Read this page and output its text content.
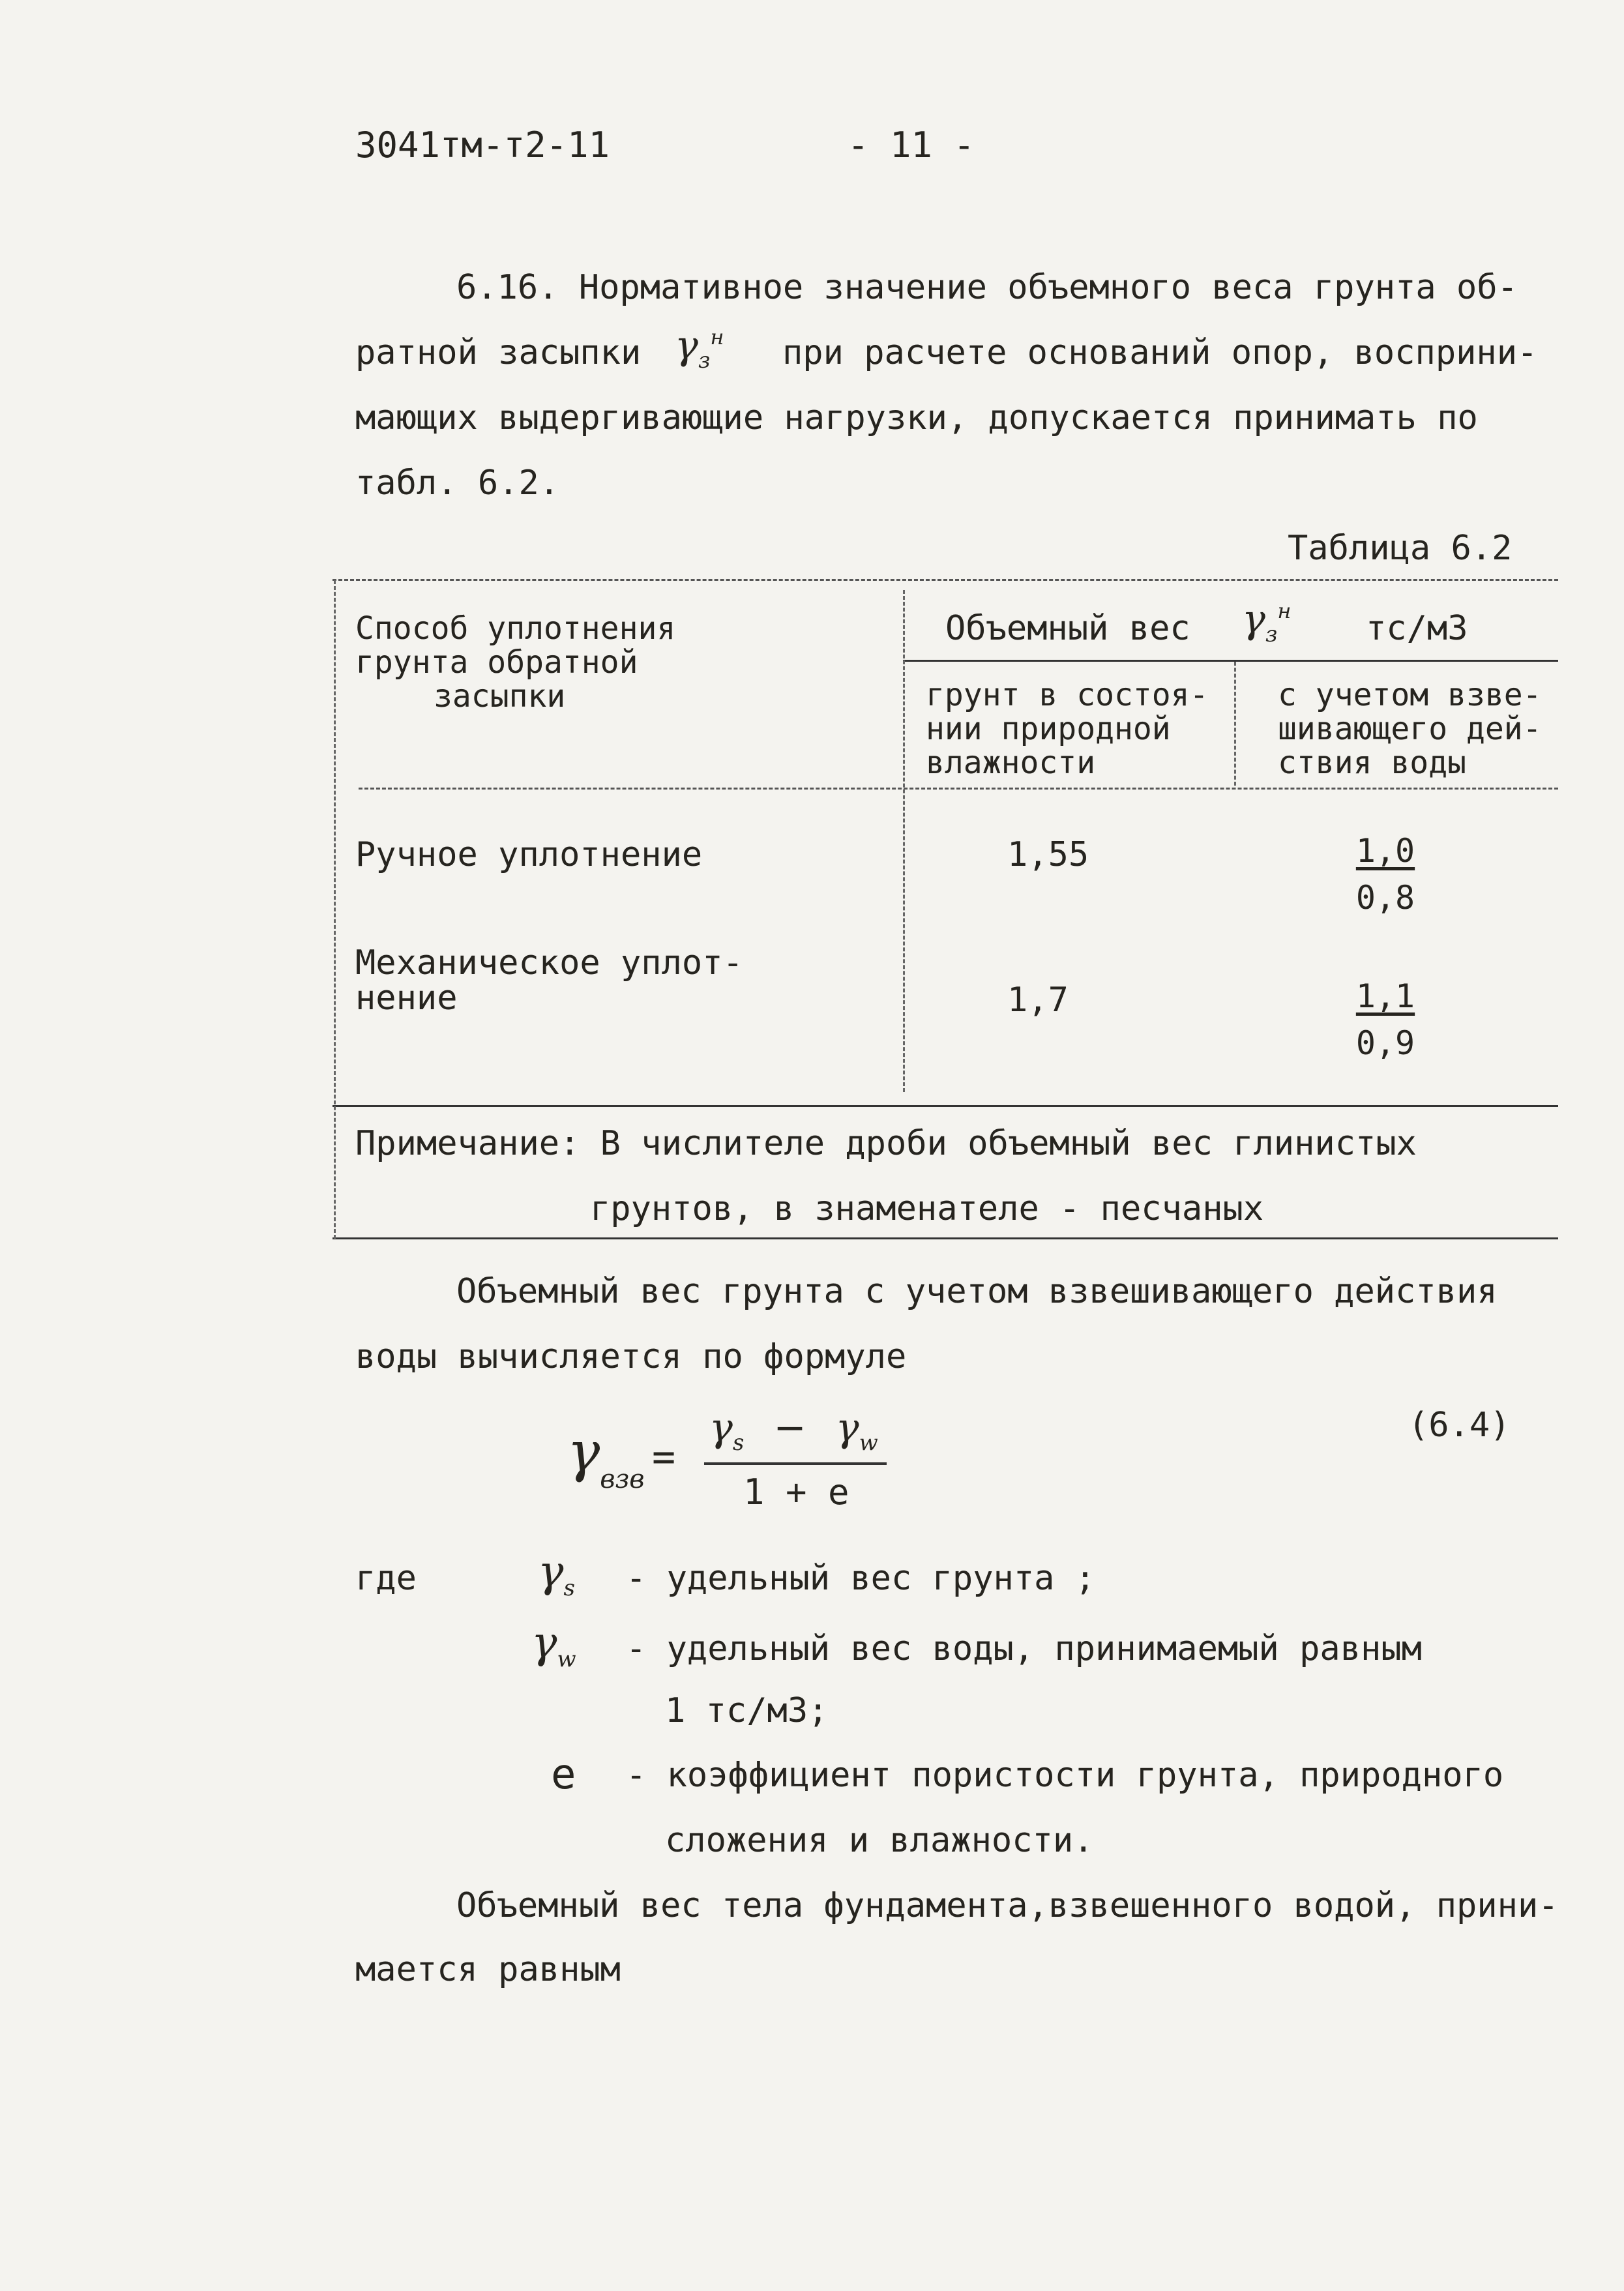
3041тм-т2-11	- 11 -
6.16. Нормативное значение объемного веса грунта об-
ратной засыпки $\gamma_з^н$ при расчете оснований опор, восприни-
мающих выдергивающие нагрузки, допускается принимать по
табл. 6.2.
Таблица 6.2
Способ уплотнения
грунта обратной
засыпки
Объемный вес $\gamma_з^н$ тс/м3
грунт в состоя-
нии природной
влажности
с учетом взве-
шивающего дей-
ствия воды
Ручное уплотнение	1,55	$\frac{1,0}{0,8}$
Механическое уплот-
нение	1,7	$\frac{1,1}{0,9}$
Примечание: В числителе дроби объемный вес глинистых
грунтов, в знаменателе - песчаных
Объемный вес грунта с учетом взвешивающего действия
воды вычисляется по формуле
$\gamma_{взв}$ =
$\gamma_s - \gamma_w$
1 + е
(6.4)
где	$\gamma_s$ - удельный вес грунта ;
$\gamma_w$ - удельный вес воды, принимаемый равным
1 тс/м3;
е - коэффициент пористости грунта, природного
сложения и влажности.
Объемный вес тела фундамента,взвешенного водой, прини-
мается равным
